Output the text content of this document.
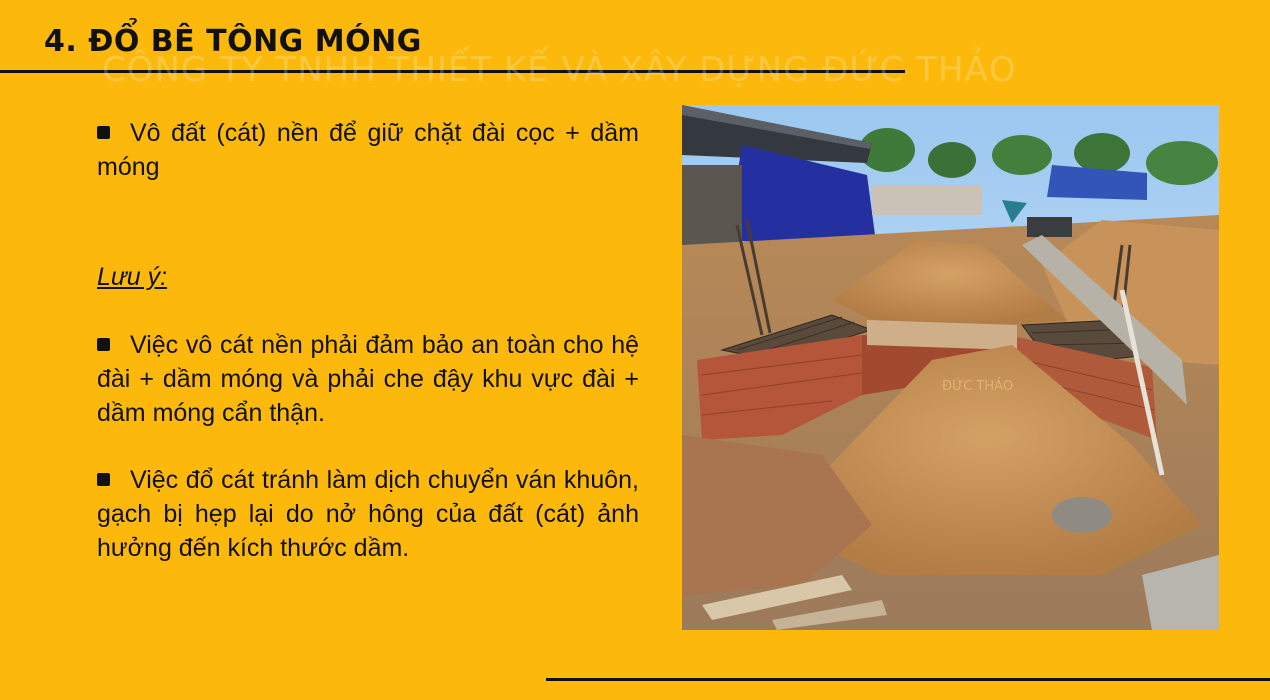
4. ĐỔ BÊ TÔNG MÓNG
CÔNG TY TNHH THIẾT KẾ VÀ XÂY DỰNG ĐỨC THẢO

Vô đất (cát) nền để giữ chặt đài cọc + dầm móng

Lưu ý:

Việc vô cát nền phải đảm bảo an toàn cho hệ đài + dầm móng và phải che đậy khu vực đài + dầm móng cẩn thận.

Việc đổ cát tránh làm dịch chuyển ván khuôn, gạch bị hẹp lại do nở hông của đất (cát) ảnh hưởng đến kích thước dầm.

ĐỨC THẢO
